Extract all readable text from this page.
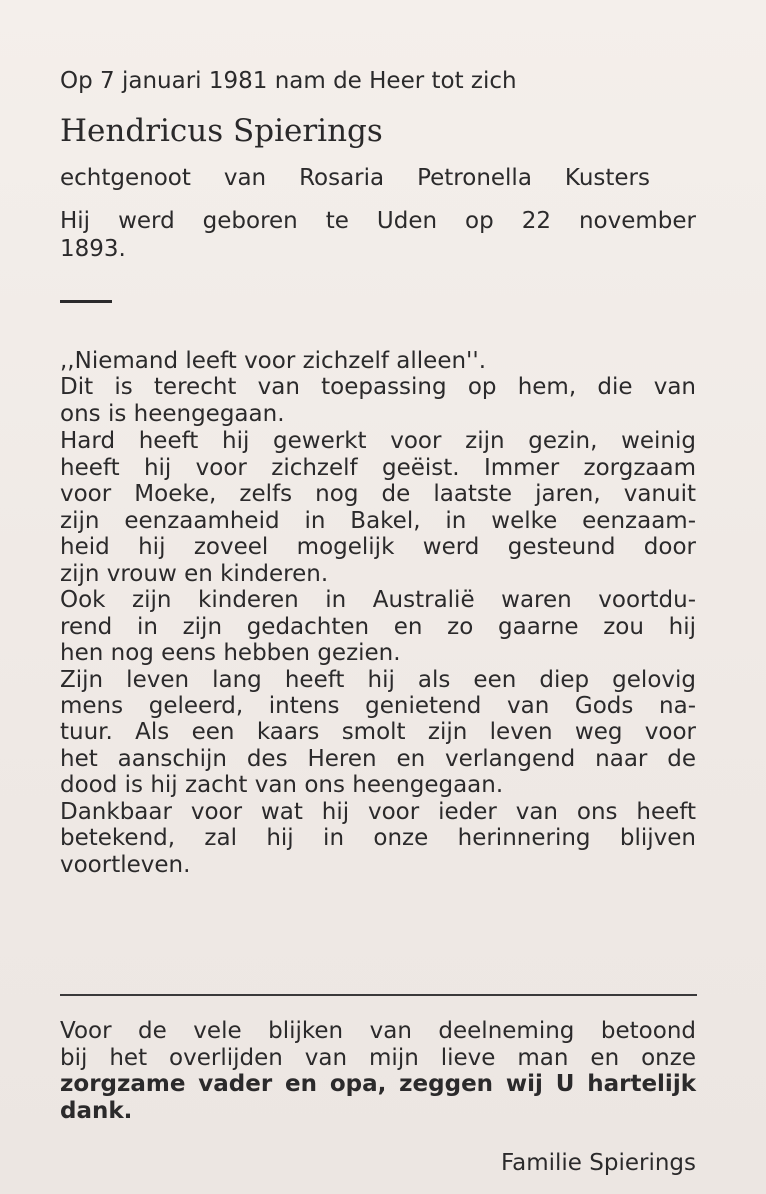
Op 7 januari 1981 nam de Heer tot zich

Hendricus Spierings

echtgenoot van Rosaria Petronella Kusters

Hij werd geboren te Uden op 22 november

1893.

,,Niemand leeft voor zichzelf alleen''.

Dit is terecht van toepassing op hem, die van

ons is heengegaan.

Hard heeft hij gewerkt voor zijn gezin, weinig

heeft hij voor zichzelf geëist. Immer zorgzaam

voor Moeke, zelfs nog de laatste jaren, vanuit

zijn eenzaamheid in Bakel, in welke eenzaam-

heid hij zoveel mogelijk werd gesteund door

zijn vrouw en kinderen.

Ook zijn kinderen in Australië waren voortdu-

rend in zijn gedachten en zo gaarne zou hij

hen nog eens hebben gezien.

Zijn leven lang heeft hij als een diep gelovig

mens geleerd, intens genietend van Gods na-

tuur. Als een kaars smolt zijn leven weg voor

het aanschijn des Heren en verlangend naar de

dood is hij zacht van ons heengegaan.

Dankbaar voor wat hij voor ieder van ons heeft

betekend, zal hij in onze herinnering blijven

voortleven.

Voor de vele blijken van deelneming betoond

bij het overlijden van mijn lieve man en onze

zorgzame vader en opa, zeggen wij U hartelijk

dank.

Familie Spierings
